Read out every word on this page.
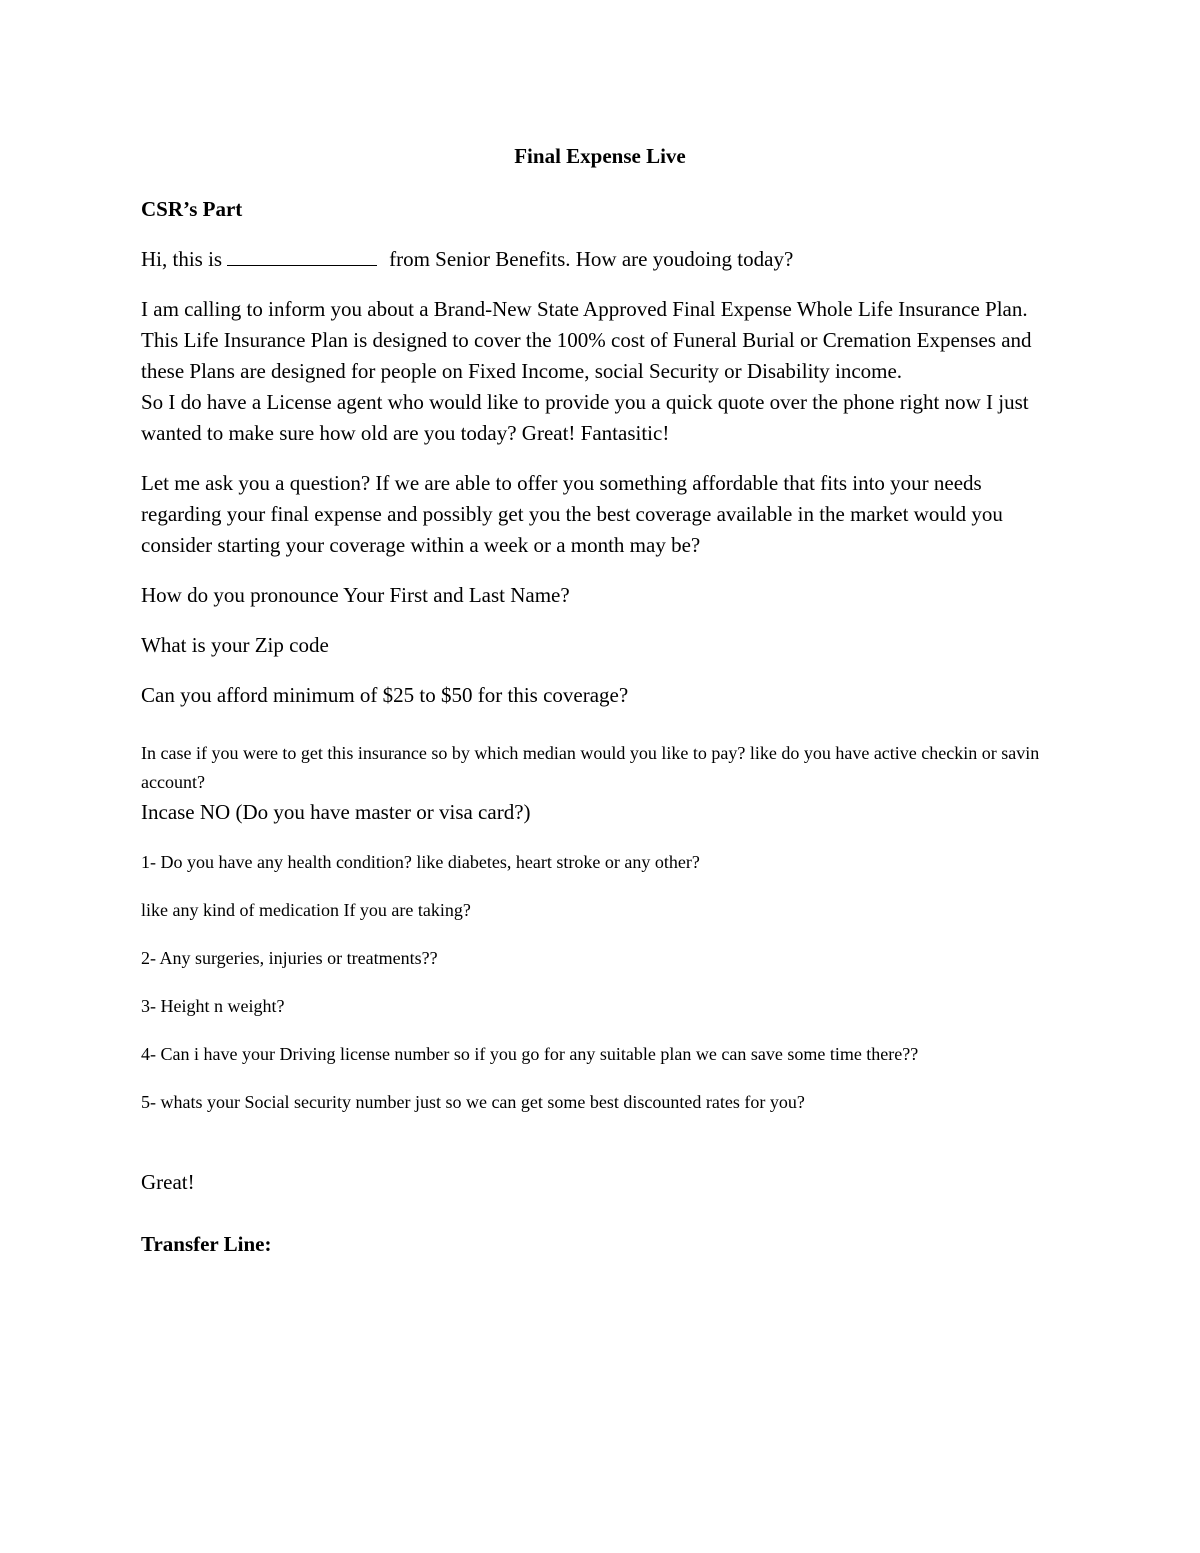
Final Expense Live

CSR’s Part

Hi, this is	from Senior Benefits. How are youdoing today?

I am calling to inform you about a Brand-New State Approved Final Expense Whole Life Insurance Plan.

This Life Insurance Plan is designed to cover the 100% cost of Funeral Burial or Cremation Expenses and these Plans are designed for people on Fixed Income, social Security or Disability income.

So I do have a License agent who would like to provide you a quick quote over the phone right now I just wanted to make sure how old are you today? Great! Fantasitic!

Let me ask you a question? If we are able to offer you something affordable that fits into your needs regarding your final expense and possibly get you the best coverage available in the market would you consider starting your coverage within a week or a month may be?

How do you pronounce Your First and Last Name?

What is your Zip code

Can you afford minimum of $25 to $50 for this coverage?

In case if you were to get this insurance so by which median would you like to pay? like do you have active checkin or savin account?

Incase NO (Do you have master or visa card?)

1- Do you have any health condition? like diabetes, heart stroke or any other?

like any kind of medication If you are taking?

2- Any surgeries, injuries or treatments??

3- Height n weight?

4- Can i have your Driving license number so if you go for any suitable plan we can save some time there??

5- whats your Social security number just so we can get some best discounted rates for you?

Great!

Transfer Line:
